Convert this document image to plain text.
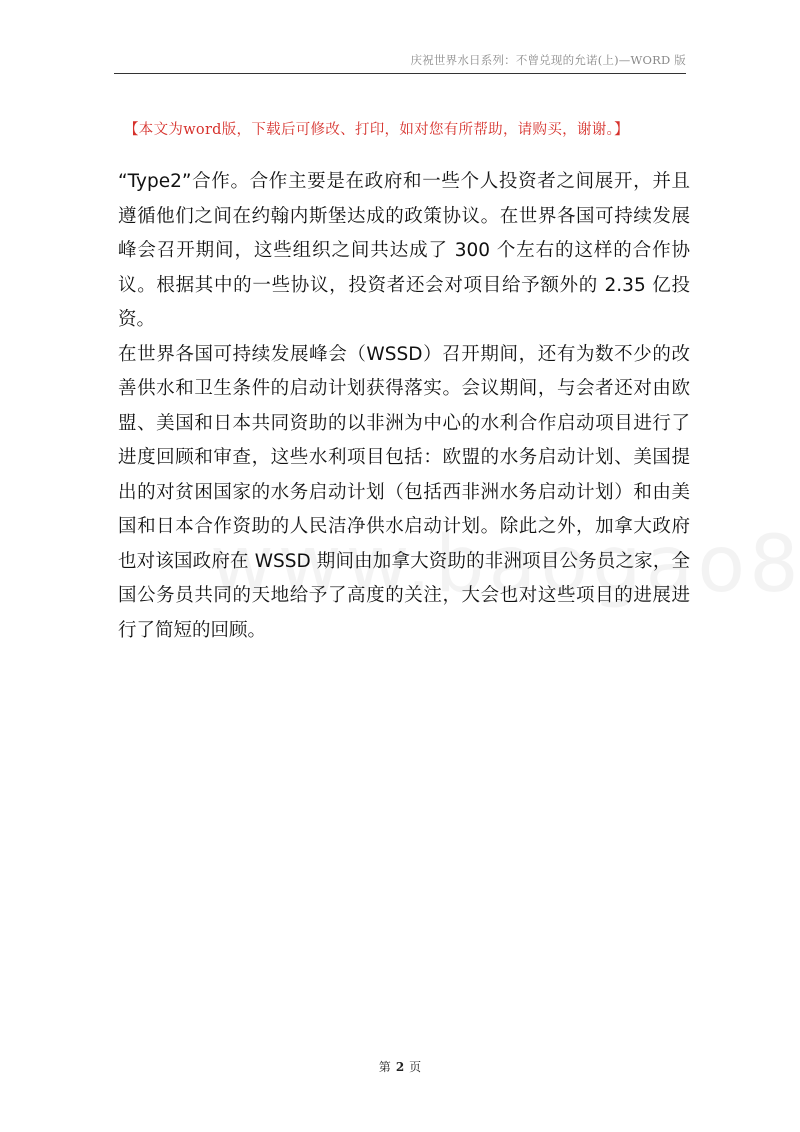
庆祝世界水日系列：不曾兑现的允诺(上)—WORD 版
【本文为word版，下载后可修改、打印，如对您有所帮助，请购买，谢谢。】

“Type2”合作。合作主要是在政府和一些个人投资者之间展开，并且遵循他们之间在约翰内斯堡达成的政策协议。在世界各国可持续发展峰会召开期间，这些组织之间共达成了 300 个左右的这样的合作协议。根据其中的一些协议，投资者还会对项目给予额外的 2.35 亿投资。

在世界各国可持续发展峰会（WSSD）召开期间，还有为数不少的改善供水和卫生条件的启动计划获得落实。会议期间，与会者还对由欧盟、美国和日本共同资助的以非洲为中心的水利合作启动项目进行了进度回顾和审查，这些水利项目包括：欧盟的水务启动计划、美国提出的对贫困国家的水务启动计划（包括西非洲水务启动计划）和由美国和日本合作资助的人民洁净供水启动计划。除此之外，加拿大政府也对该国政府在 WSSD 期间由加拿大资助的非洲项目公务员之家，全国公务员共同的天地给予了高度的关注，大会也对这些项目的进展进行了简短的回顾。

第 2 页
